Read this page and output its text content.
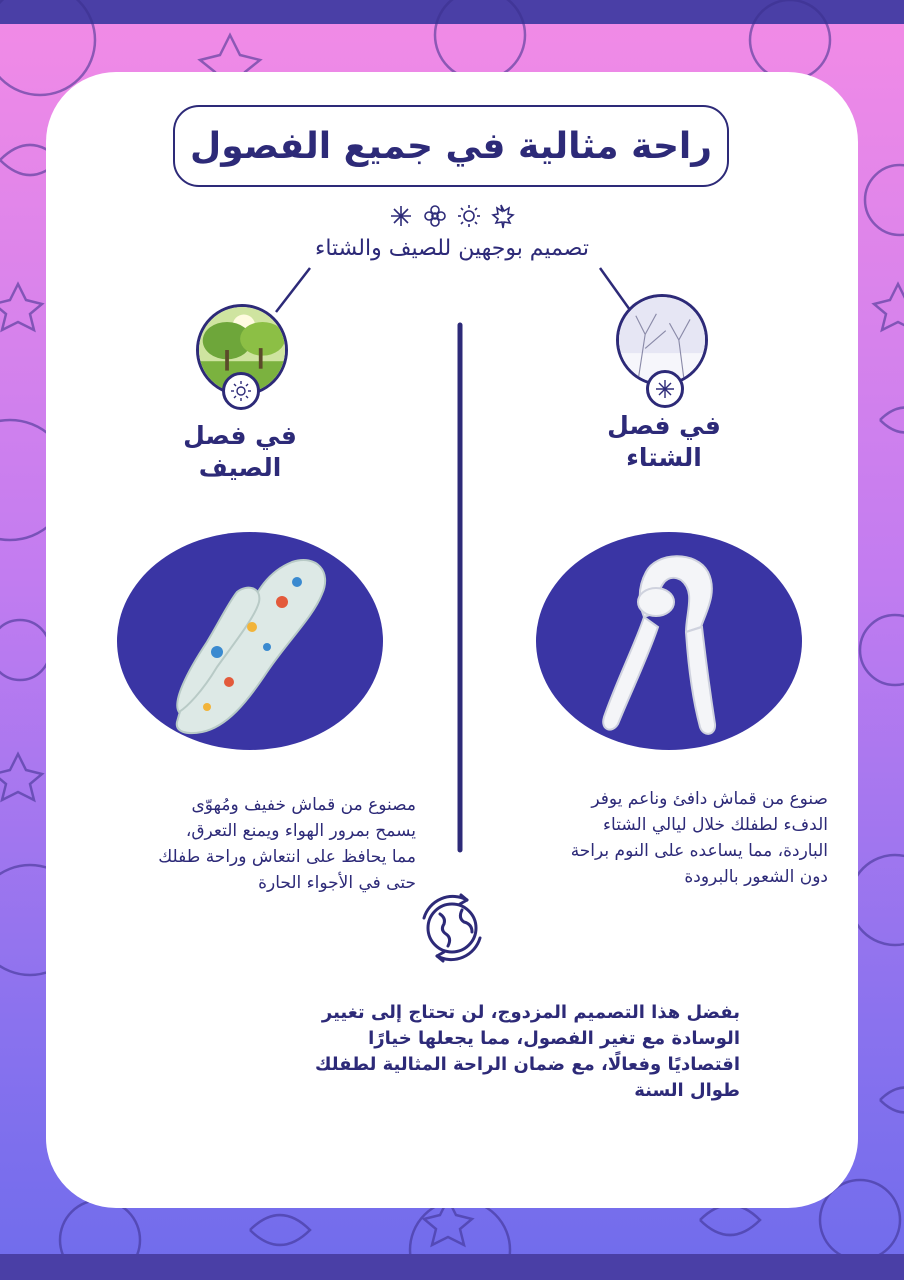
راحة مثالية في جميع الفصول
تصميم بوجهين للصيف والشتاء
في فصل
الصيف
في فصل
الشتاء
مصنوع من قماش خفيف ومُهوّى
يسمح بمرور الهواء ويمنع التعرق،
مما يحافظ على انتعاش وراحة طفلك
حتى في الأجواء الحارة
صنوع من قماش دافئ وناعم يوفر
الدفء لطفلك خلال ليالي الشتاء
الباردة، مما يساعده على النوم براحة
دون الشعور بالبرودة
بفضل هذا التصميم المزدوج، لن تحتاج إلى تغيير
الوسادة مع تغير الفصول، مما يجعلها خيارًا
اقتصاديًا وفعالًا، مع ضمان الراحة المثالية لطفلك
طوال السنة
